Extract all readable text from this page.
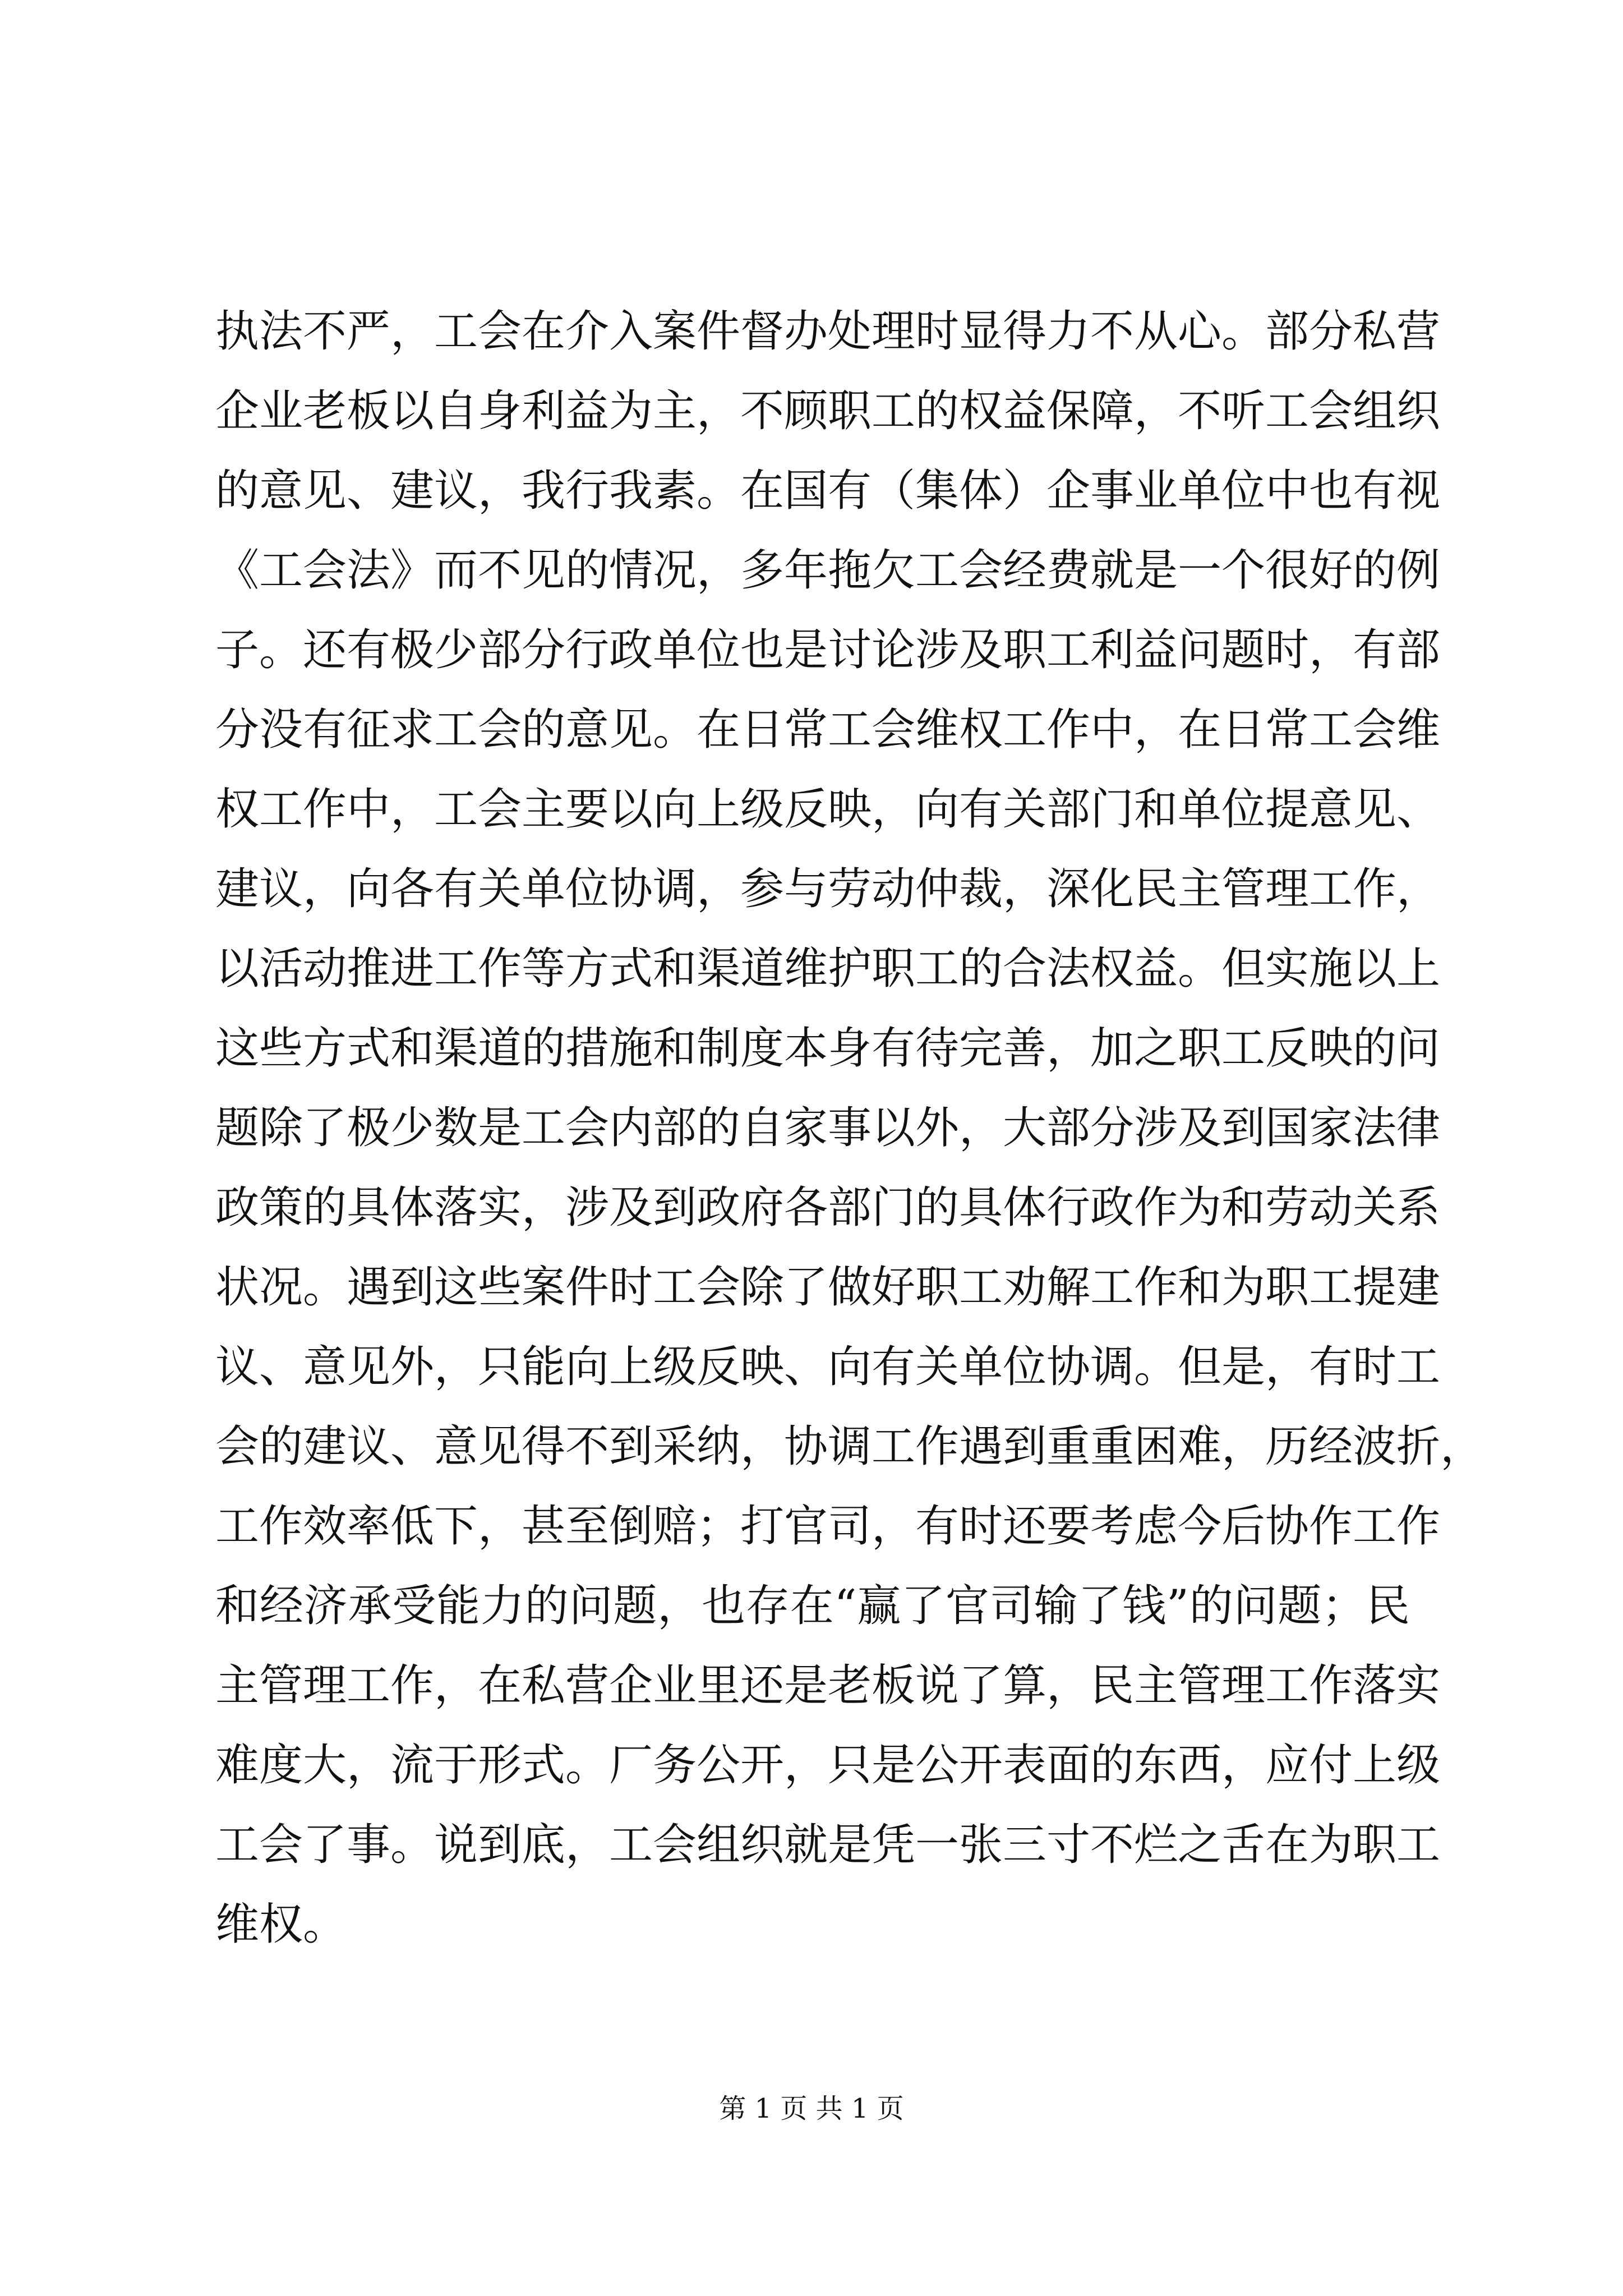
执法不严，工会在介入案件督办处理时显得力不从心。部分私营
企业老板以自身利益为主，不顾职工的权益保障，不听工会组织
的意见、建议，我行我素。在国有（集体）企事业单位中也有视
《工会法》而不见的情况，多年拖欠工会经费就是一个很好的例
子。还有极少部分行政单位也是讨论涉及职工利益问题时，有部
分没有征求工会的意见。在日常工会维权工作中，在日常工会维
权工作中，工会主要以向上级反映，向有关部门和单位提意见、
建议，向各有关单位协调，参与劳动仲裁，深化民主管理工作，
以活动推进工作等方式和渠道维护职工的合法权益。但实施以上
这些方式和渠道的措施和制度本身有待完善，加之职工反映的问
题除了极少数是工会内部的自家事以外，大部分涉及到国家法律
政策的具体落实，涉及到政府各部门的具体行政作为和劳动关系
状况。遇到这些案件时工会除了做好职工劝解工作和为职工提建
议、意见外，只能向上级反映、向有关单位协调。但是，有时工
会的建议、意见得不到采纳，协调工作遇到重重困难，历经波折，
工作效率低下，甚至倒赔；打官司，有时还要考虑今后协作工作
和经济承受能力的问题，也存在“赢了官司输了钱”的问题；民
主管理工作，在私营企业里还是老板说了算，民主管理工作落实
难度大，流于形式。厂务公开，只是公开表面的东西，应付上级
工会了事。说到底，工会组织就是凭一张三寸不烂之舌在为职工
维权。
第 1 页 共 1 页
